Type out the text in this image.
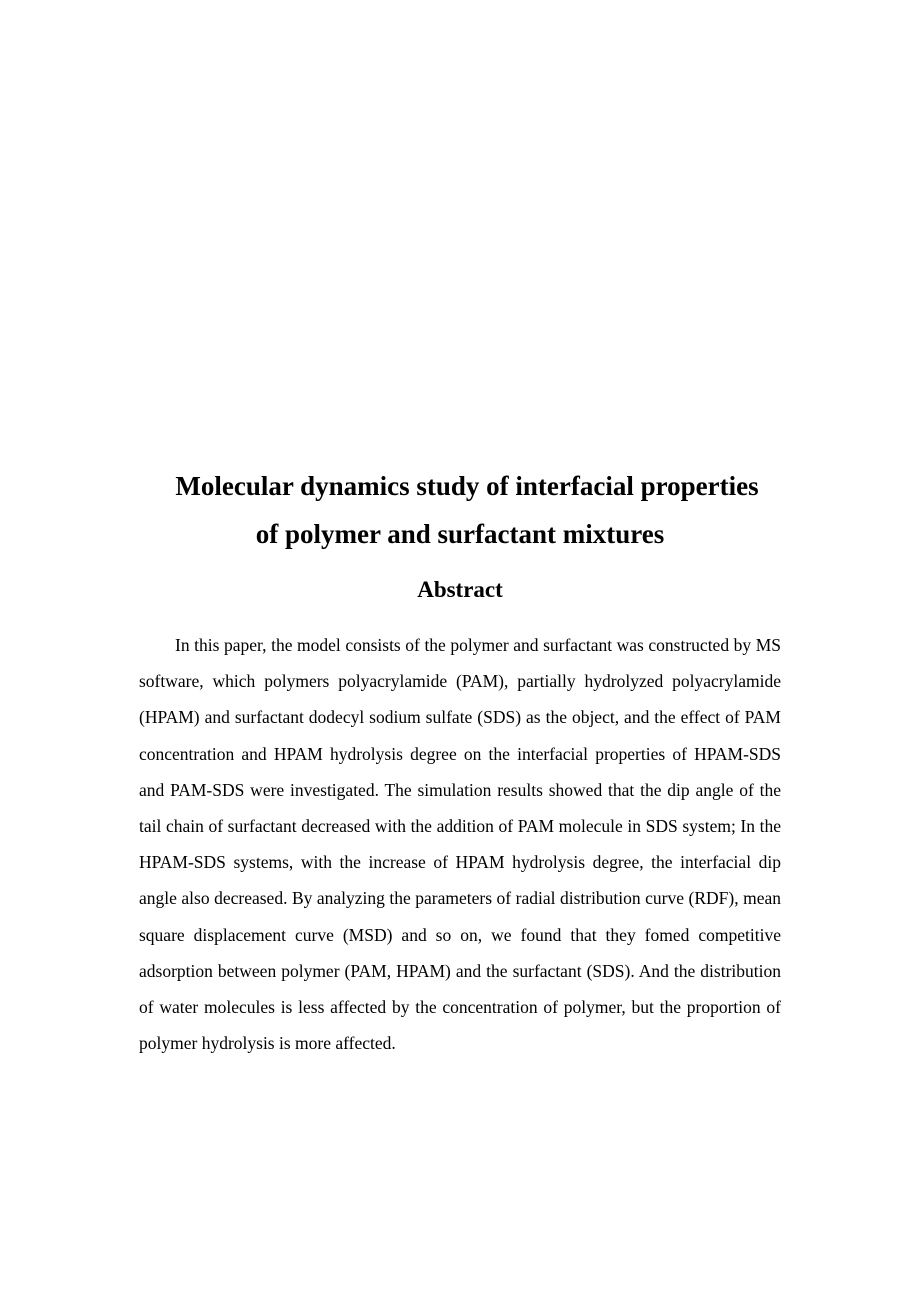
Molecular dynamics study of interfacial properties
of polymer and surfactant mixtures
Abstract

In this paper, the model consists of the polymer and surfactant was constructed by MS software, which polymers polyacrylamide (PAM), partially hydrolyzed polyacrylamide (HPAM) and surfactant dodecyl sodium sulfate (SDS) as the object, and the effect of PAM concentration and HPAM hydrolysis degree on the interfacial properties of HPAM-SDS and PAM-SDS were investigated. The simulation results showed that the dip angle of the tail chain of surfactant decreased with the addition of PAM molecule in SDS system; In the HPAM-SDS systems, with the increase of HPAM hydrolysis degree, the interfacial dip angle also decreased. By analyzing the parameters of radial distribution curve (RDF), mean square displacement curve (MSD) and so on, we found that they fomed competitive adsorption between polymer (PAM, HPAM) and the surfactant (SDS). And the distribution of water molecules is less affected by the concentration of polymer, but the proportion of polymer hydrolysis is more affected.
